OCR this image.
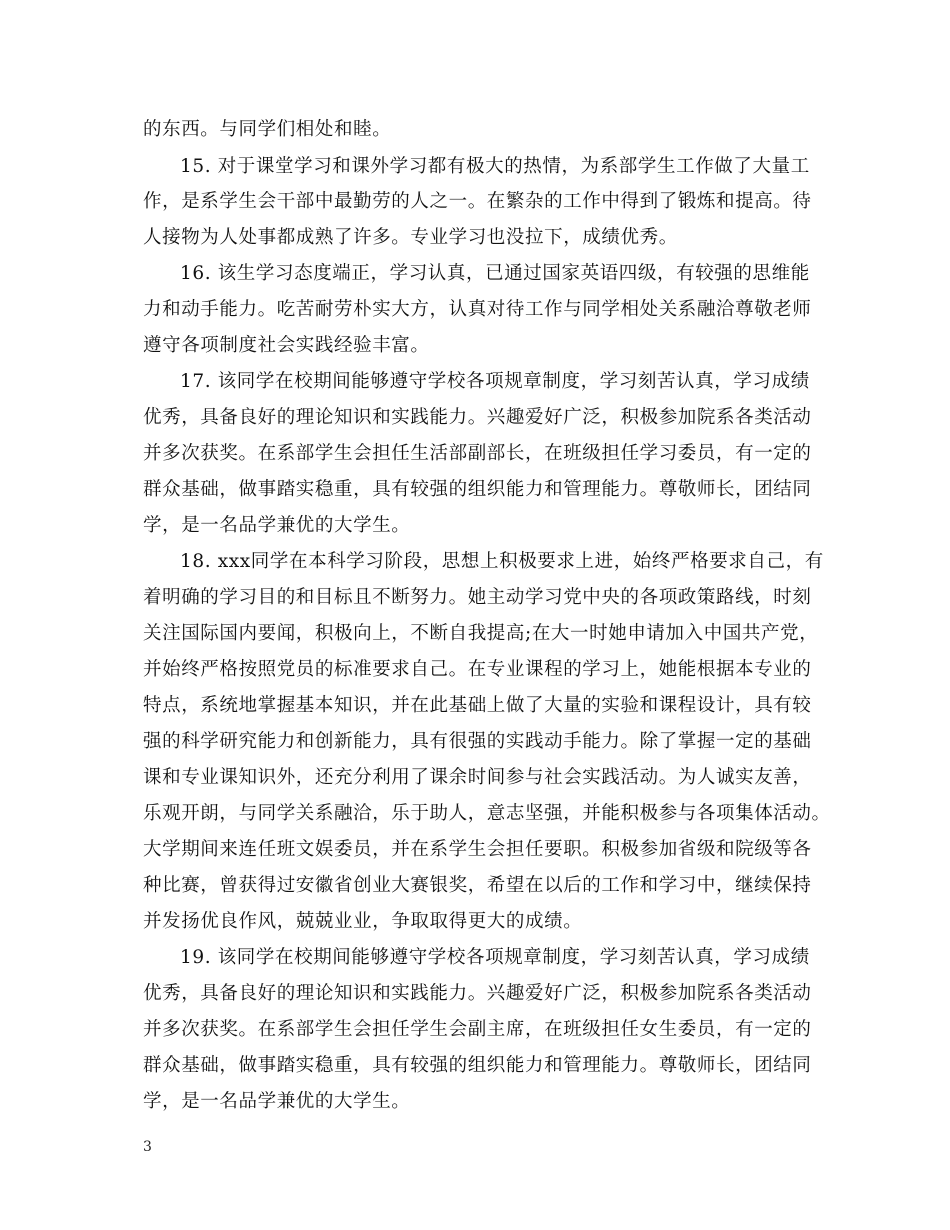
的东西。与同学们相处和睦。
15. 对于课堂学习和课外学习都有极大的热情，为系部学生工作做了大量工
作，是系学生会干部中最勤劳的人之一。在繁杂的工作中得到了锻炼和提高。待
人接物为人处事都成熟了许多。专业学习也没拉下，成绩优秀。
16. 该生学习态度端正，学习认真，已通过国家英语四级，有较强的思维能
力和动手能力。吃苦耐劳朴实大方，认真对待工作与同学相处关系融洽尊敬老师
遵守各项制度社会实践经验丰富。
17. 该同学在校期间能够遵守学校各项规章制度，学习刻苦认真，学习成绩
优秀，具备良好的理论知识和实践能力。兴趣爱好广泛，积极参加院系各类活动
并多次获奖。在系部学生会担任生活部副部长，在班级担任学习委员，有一定的
群众基础，做事踏实稳重，具有较强的组织能力和管理能力。尊敬师长，团结同
学，是一名品学兼优的大学生。
18. xxx同学在本科学习阶段，思想上积极要求上进，始终严格要求自己，有
着明确的学习目的和目标且不断努力。她主动学习党中央的各项政策路线，时刻
关注国际国内要闻，积极向上，不断自我提高;在大一时她申请加入中国共产党，
并始终严格按照党员的标准要求自己。在专业课程的学习上，她能根据本专业的
特点，系统地掌握基本知识，并在此基础上做了大量的实验和课程设计，具有较
强的科学研究能力和创新能力，具有很强的实践动手能力。除了掌握一定的基础
课和专业课知识外，还充分利用了课余时间参与社会实践活动。为人诚实友善，
乐观开朗，与同学关系融洽，乐于助人，意志坚强，并能积极参与各项集体活动。
大学期间来连任班文娱委员，并在系学生会担任要职。积极参加省级和院级等各
种比赛，曾获得过安徽省创业大赛银奖，希望在以后的工作和学习中，继续保持
并发扬优良作风，兢兢业业，争取取得更大的成绩。
19. 该同学在校期间能够遵守学校各项规章制度，学习刻苦认真，学习成绩
优秀，具备良好的理论知识和实践能力。兴趣爱好广泛，积极参加院系各类活动
并多次获奖。在系部学生会担任学生会副主席，在班级担任女生委员，有一定的
群众基础，做事踏实稳重，具有较强的组织能力和管理能力。尊敬师长，团结同
学，是一名品学兼优的大学生。
3
